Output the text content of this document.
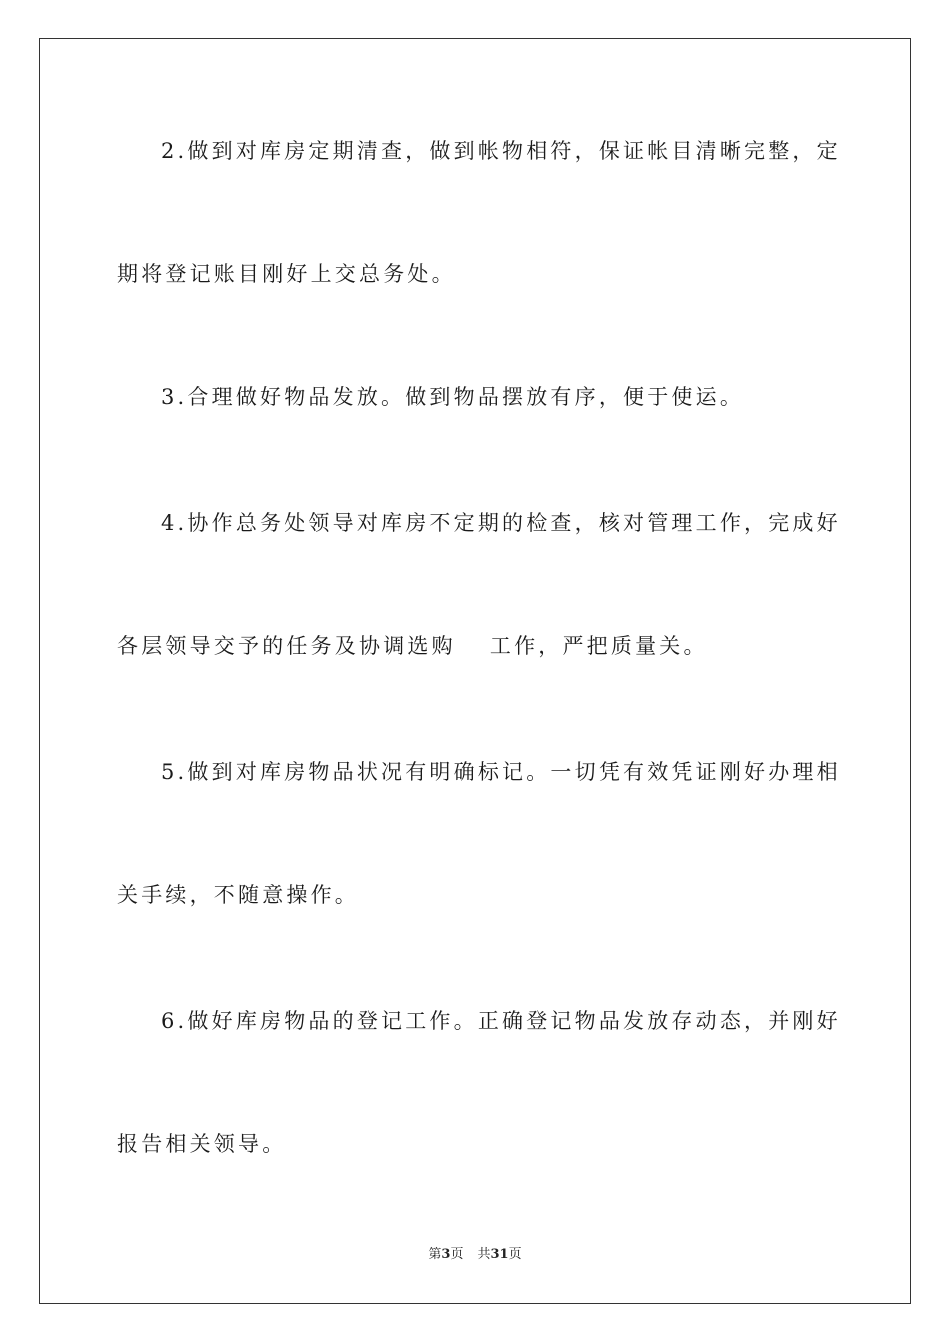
2.做到对库房定期清查，做到帐物相符，保证帐目清晰完整，定
期将登记账目刚好上交总务处。
3.合理做好物品发放。做到物品摆放有序，便于使运。
4.协作总务处领导对库房不定期的检查，核对管理工作，完成好
各层领导交予的任务及协调选购　 工作，严把质量关。
5.做到对库房物品状况有明确标记。一切凭有效凭证刚好办理相
关手续，不随意操作。
6.做好库房物品的登记工作。正确登记物品发放存动态，并刚好
报告相关领导。
第3页 共31页
